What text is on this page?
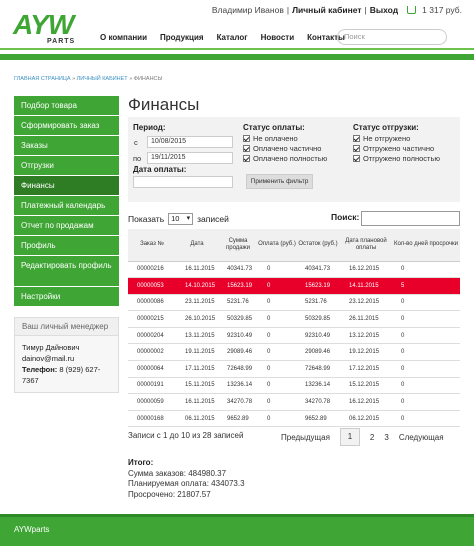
AYW
PARTS
Владимир Иванов | Личный кабинет | Выход	1 317 руб.
О компании Продукция Каталог Новости Контакты Поиск
ГЛАВНАЯ СТРАНИЦА » ЛИЧНЫЙ КАБИНЕТ » ФИНАНСЫ
Подбор товара
Сформировать заказ
Заказы
Отгрузки
Финансы
Платежный календарь
Отчет по продажам
Профиль
Редактировать профиль
Настройки
Ваш личный менеджер
Тимур Дайнович
dainov@mail.ru
Телефон: 8 (929) 627-7367
Финансы
Период:
с	10/08/2015
по	19/11/2015
Дата оплаты:
Статус оплаты:
Не оплачено
Оплачено частично
Оплачено полностью
Статус отгрузки:
Не отгружено
Отгружено частично
Отгружено полностью
Применить фильтр
Показать 10 ▾	записей	Поиск:
Заказ №	Дата	Сумма продажи	Оплата (руб.)	Остаток (руб.)	Дата плановой оплаты	Кол-во дней просрочки
00000216	16.11.2015	40341.73	0	40341.73	16.12.2015	0
00000053	14.10.2015	15623.19	0	15623.19	14.11.2015	5
00000086	23.11.2015	5231.76	0	5231.76	23.12.2015	0
00000215	26.10.2015	50329.85	0	50329.85	26.11.2015	0
00000204	13.11.2015	92310.49	0	92310.49	13.12.2015	0
00000002	19.11.2015	29089.46	0	29089.46	19.12.2015	0
00000064	17.11.2015	72648.99	0	72648.99	17.12.2015	0
00000191	15.11.2015	13236.14	0	13236.14	15.12.2015	0
00000059	16.11.2015	34270.78	0	34270.78	16.12.2015	0
00000168	06.11.2015	9652.89	0	9652.89	06.12.2015	0
Записи с 1 до 10 из 28 записей	Предыдущая	1	2	3	Следующая
Итого:
Сумма заказов: 484980.37
Планируемая оплата: 434073.3
Просрочено: 21807.57
AYWparts
